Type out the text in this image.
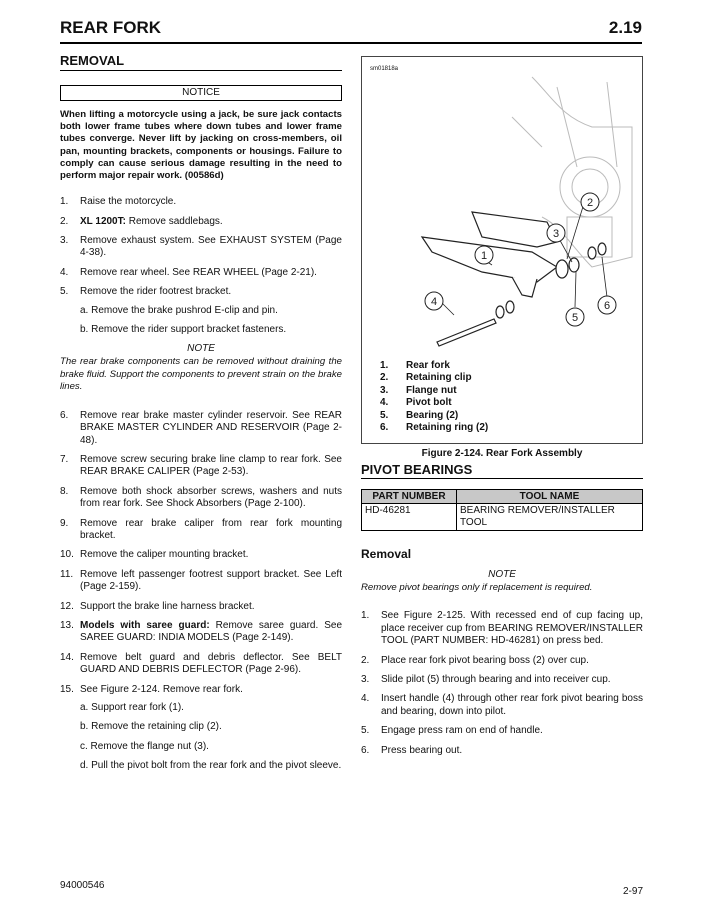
REAR FORK	2.19
REMOVAL
NOTICE

When lifting a motorcycle using a jack, be sure jack contacts both lower frame tubes where down tubes and lower frame tubes converge. Never lift by jacking on cross-members, oil pan, mounting brackets, components or housings. Failure to comply can cause serious damage resulting in the need to perform major repair work. (00586d)

1. Raise the motorcycle.
2. XL 1200T: Remove saddlebags.
3. Remove exhaust system. See EXHAUST SYSTEM (Page 4-38).
4. Remove rear wheel. See REAR WHEEL (Page 2-21).
5. Remove the rider footrest bracket.
a. Remove the brake pushrod E-clip and pin.
b. Remove the rider support bracket fasteners.
NOTE

The rear brake components can be removed without draining the brake fluid. Support the components to prevent strain on the brake lines.

6. Remove rear brake master cylinder reservoir. See REAR BRAKE MASTER CYLINDER AND RESERVOIR (Page 2-48).
7. Remove screw securing brake line clamp to rear fork. See REAR BRAKE CALIPER (Page 2-53).
8. Remove both shock absorber screws, washers and nuts from rear fork. See Shock Absorbers (Page 2-100).
9. Remove rear brake caliper from rear fork mounting bracket.
10. Remove the caliper mounting bracket.
11. Remove left passenger footrest support bracket. See Left (Page 2-159).
12. Support the brake line harness bracket.
13. Models with saree guard: Remove saree guard. See SAREE GUARD: INDIA MODELS (Page 2-149).
14. Remove belt guard and debris deflector. See BELT GUARD AND DEBRIS DEFLECTOR (Page 2-96).
15. See Figure 2-124. Remove rear fork.
a. Support rear fork (1).
b. Remove the retaining clip (2).
c. Remove the flange nut (3).
d. Pull the pivot bolt from the rear fork and the pivot sleeve.
sm01818a
1
2
3
4
5
6
1.	Rear fork
2.	Retaining clip
3.	Flange nut
4.	Pivot bolt
5.	Bearing (2)
6.	Retaining ring (2)
Figure 2-124. Rear Fork Assembly
PIVOT BEARINGS
PART NUMBER	TOOL NAME
HD-46281	BEARING REMOVER/INSTALLER TOOL
Removal
NOTE

Remove pivot bearings only if replacement is required.

1. See Figure 2-125. With recessed end of cup facing up, place receiver cup from BEARING REMOVER/INSTALLER TOOL (PART NUMBER: HD-46281) on press bed.
2. Place rear fork pivot bearing boss (2) over cup.
3. Slide pilot (5) through bearing and into receiver cup.
4. Insert handle (4) through other rear fork pivot bearing boss and bearing, down into pilot.
5. Engage press ram on end of handle.
6. Press bearing out.
94000546
2-97
